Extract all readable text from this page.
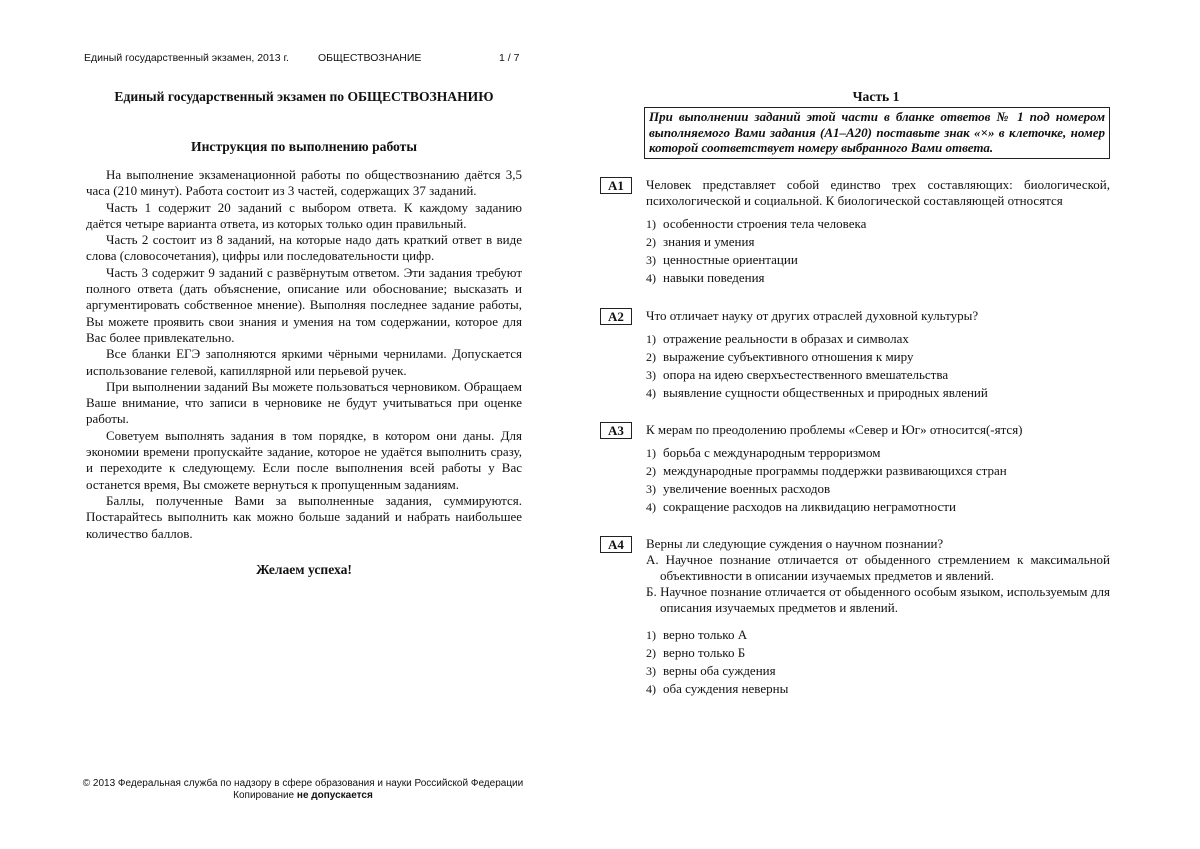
Единый государственный экзамен, 2013 г.	ОБЩЕСТВОЗНАНИЕ	1 / 7
Единый государственный экзамен по ОБЩЕСТВОЗНАНИЮ
Инструкция по выполнению работы

На выполнение экзаменационной работы по обществознанию даётся 3,5 часа (210 минут). Работа состоит из 3 частей, содержащих 37 заданий.

Часть 1 содержит 20 заданий с выбором ответа. К каждому заданию даётся четыре варианта ответа, из которых только один правильный.

Часть 2 состоит из 8 заданий, на которые надо дать краткий ответ в виде слова (словосочетания), цифры или последовательности цифр.

Часть 3 содержит 9 заданий с развёрнутым ответом. Эти задания требуют полного ответа (дать объяснение, описание или обоснование; высказать и аргументировать собственное мнение). Выполняя последнее задание работы, Вы можете проявить свои знания и умения на том содержании, которое для Вас более привлекательно.

Все бланки ЕГЭ заполняются яркими чёрными чернилами. Допускается использование гелевой, капиллярной или перьевой ручек.

При выполнении заданий Вы можете пользоваться черновиком. Обращаем Ваше внимание, что записи в черновике не будут учитываться при оценке работы.

Советуем выполнять задания в том порядке, в котором они даны. Для экономии времени пропускайте задание, которое не удаётся выполнить сразу, и переходите к следующему. Если после выполнения всей работы у Вас останется время, Вы сможете вернуться к пропущенным заданиям.

Баллы, полученные Вами за выполненные задания, суммируются. Постарайтесь выполнить как можно больше заданий и набрать наибольшее количество баллов.

Желаем успеха!
© 2013 Федеральная служба по надзору в сфере образования и науки Российской Федерации
Копирование не допускается
Часть 1
При выполнении заданий этой части в бланке ответов № 1 под номером выполняемого Вами задания (А1–А20) поставьте знак «×» в клеточке, номер которой соответствует номеру выбранного Вами ответа.
A1	Человек представляет собой единство трех составляющих: биологической, психологической и социальной. К биологической составляющей относятся

1) особенности строения тела человека
2) знания и умения
3) ценностные ориентации
4) навыки поведения
A2	Что отличает науку от других отраслей духовной культуры?

1) отражение реальности в образах и символах
2) выражение субъективного отношения к миру
3) опора на идею сверхъестественного вмешательства
4) выявление сущности общественных и природных явлений
A3	К мерам по преодолению проблемы «Север и Юг» относится(-ятся)

1) борьба с международным терроризмом
2) международные программы поддержки развивающихся стран
3) увеличение военных расходов
4) сокращение расходов на ликвидацию неграмотности
A4	Верны ли следующие суждения о научном познании?

А. Научное познание отличается от обыденного стремлением к максимальной объективности в описании изучаемых предметов и явлений.

Б. Научное познание отличается от обыденного особым языком, используемым для описания изучаемых предметов и явлений.

1) верно только А
2) верно только Б
3) верны оба суждения
4) оба суждения неверны
